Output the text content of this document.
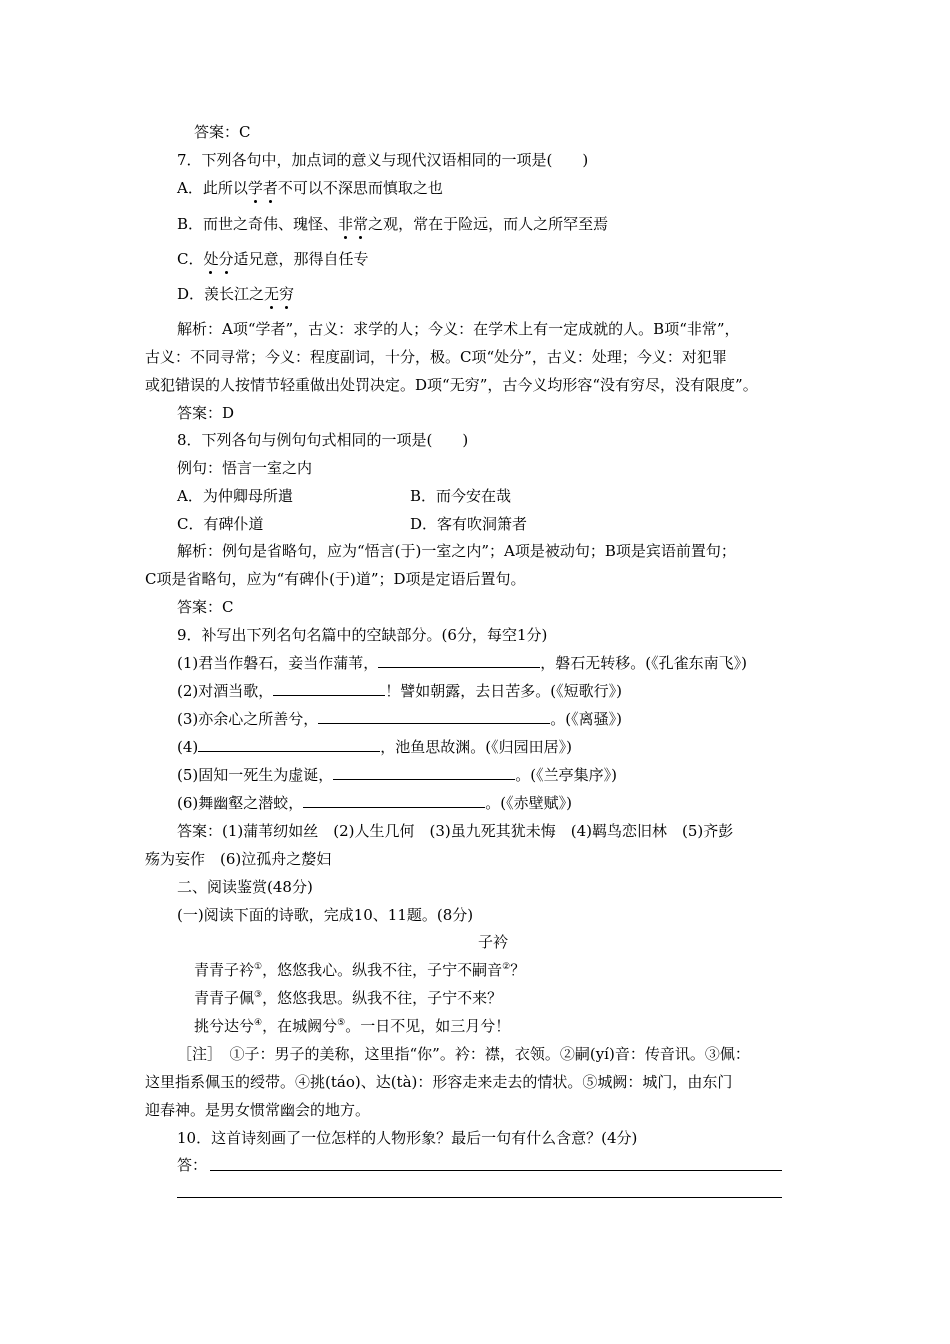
答案：C
7．下列各句中，加点词的意义与现代汉语相同的一项是(　　)
A．此所以学者不可以不深思而慎取之也
B．而世之奇伟、瑰怪、非常之观，常在于险远，而人之所罕至焉
C．处分适兄意，那得自任专
D．羡长江之无穷
解析：A项“学者”，古义：求学的人；今义：在学术上有一定成就的人。B项“非常”，
古义：不同寻常；今义：程度副词，十分，极。C项“处分”，古义：处理；今义：对犯罪
或犯错误的人按情节轻重做出处罚决定。D项“无穷”，古今义均形容“没有穷尽，没有限度”。
答案：D
8．下列各句与例句句式相同的一项是(　　)
例句：悟言一室之内
A．为仲卿母所遣	B．而今安在哉
C．有碑仆道	D．客有吹洞箫者
解析：例句是省略句，应为“悟言(于)一室之内”；A项是被动句；B项是宾语前置句；
C项是省略句，应为“有碑仆(于)道”；D项是定语后置句。
答案：C
9．补写出下列名句名篇中的空缺部分。(6分，每空1分)
(1)君当作磐石，妾当作蒲苇，	，磐石无转移。(《孔雀东南飞》)
(2)对酒当歌，	！譬如朝露，去日苦多。(《短歌行》)
(3)亦余心之所善兮，	。(《离骚》)
(4)	，池鱼思故渊。(《归园田居》)
(5)固知一死生为虚诞，	。(《兰亭集序》)
(6)舞幽壑之潜蛟，	。(《赤壁赋》)
答案：(1)蒲苇纫如丝　(2)人生几何　(3)虽九死其犹未悔　(4)羁鸟恋旧林　(5)齐彭
殇为妄作　(6)泣孤舟之嫠妇
二、阅读鉴赏(48分)
(一)阅读下面的诗歌，完成10、11题。(8分)
子衿
青青子衿①，悠悠我心。纵我不往，子宁不嗣音②？
青青子佩③，悠悠我思。纵我不往，子宁不来？
挑兮达兮④，在城阙兮⑤。一日不见，如三月兮！
［注］　①子：男子的美称，这里指“你”。衿：襟，衣领。②嗣(yí)音：传音讯。③佩：
这里指系佩玉的绶带。④挑(táo)、达(tà)：形容走来走去的情状。⑤城阙：城门，由东门
迎春神。是男女惯常幽会的地方。
10．这首诗刻画了一位怎样的人物形象？最后一句有什么含意？(4分)
答：
